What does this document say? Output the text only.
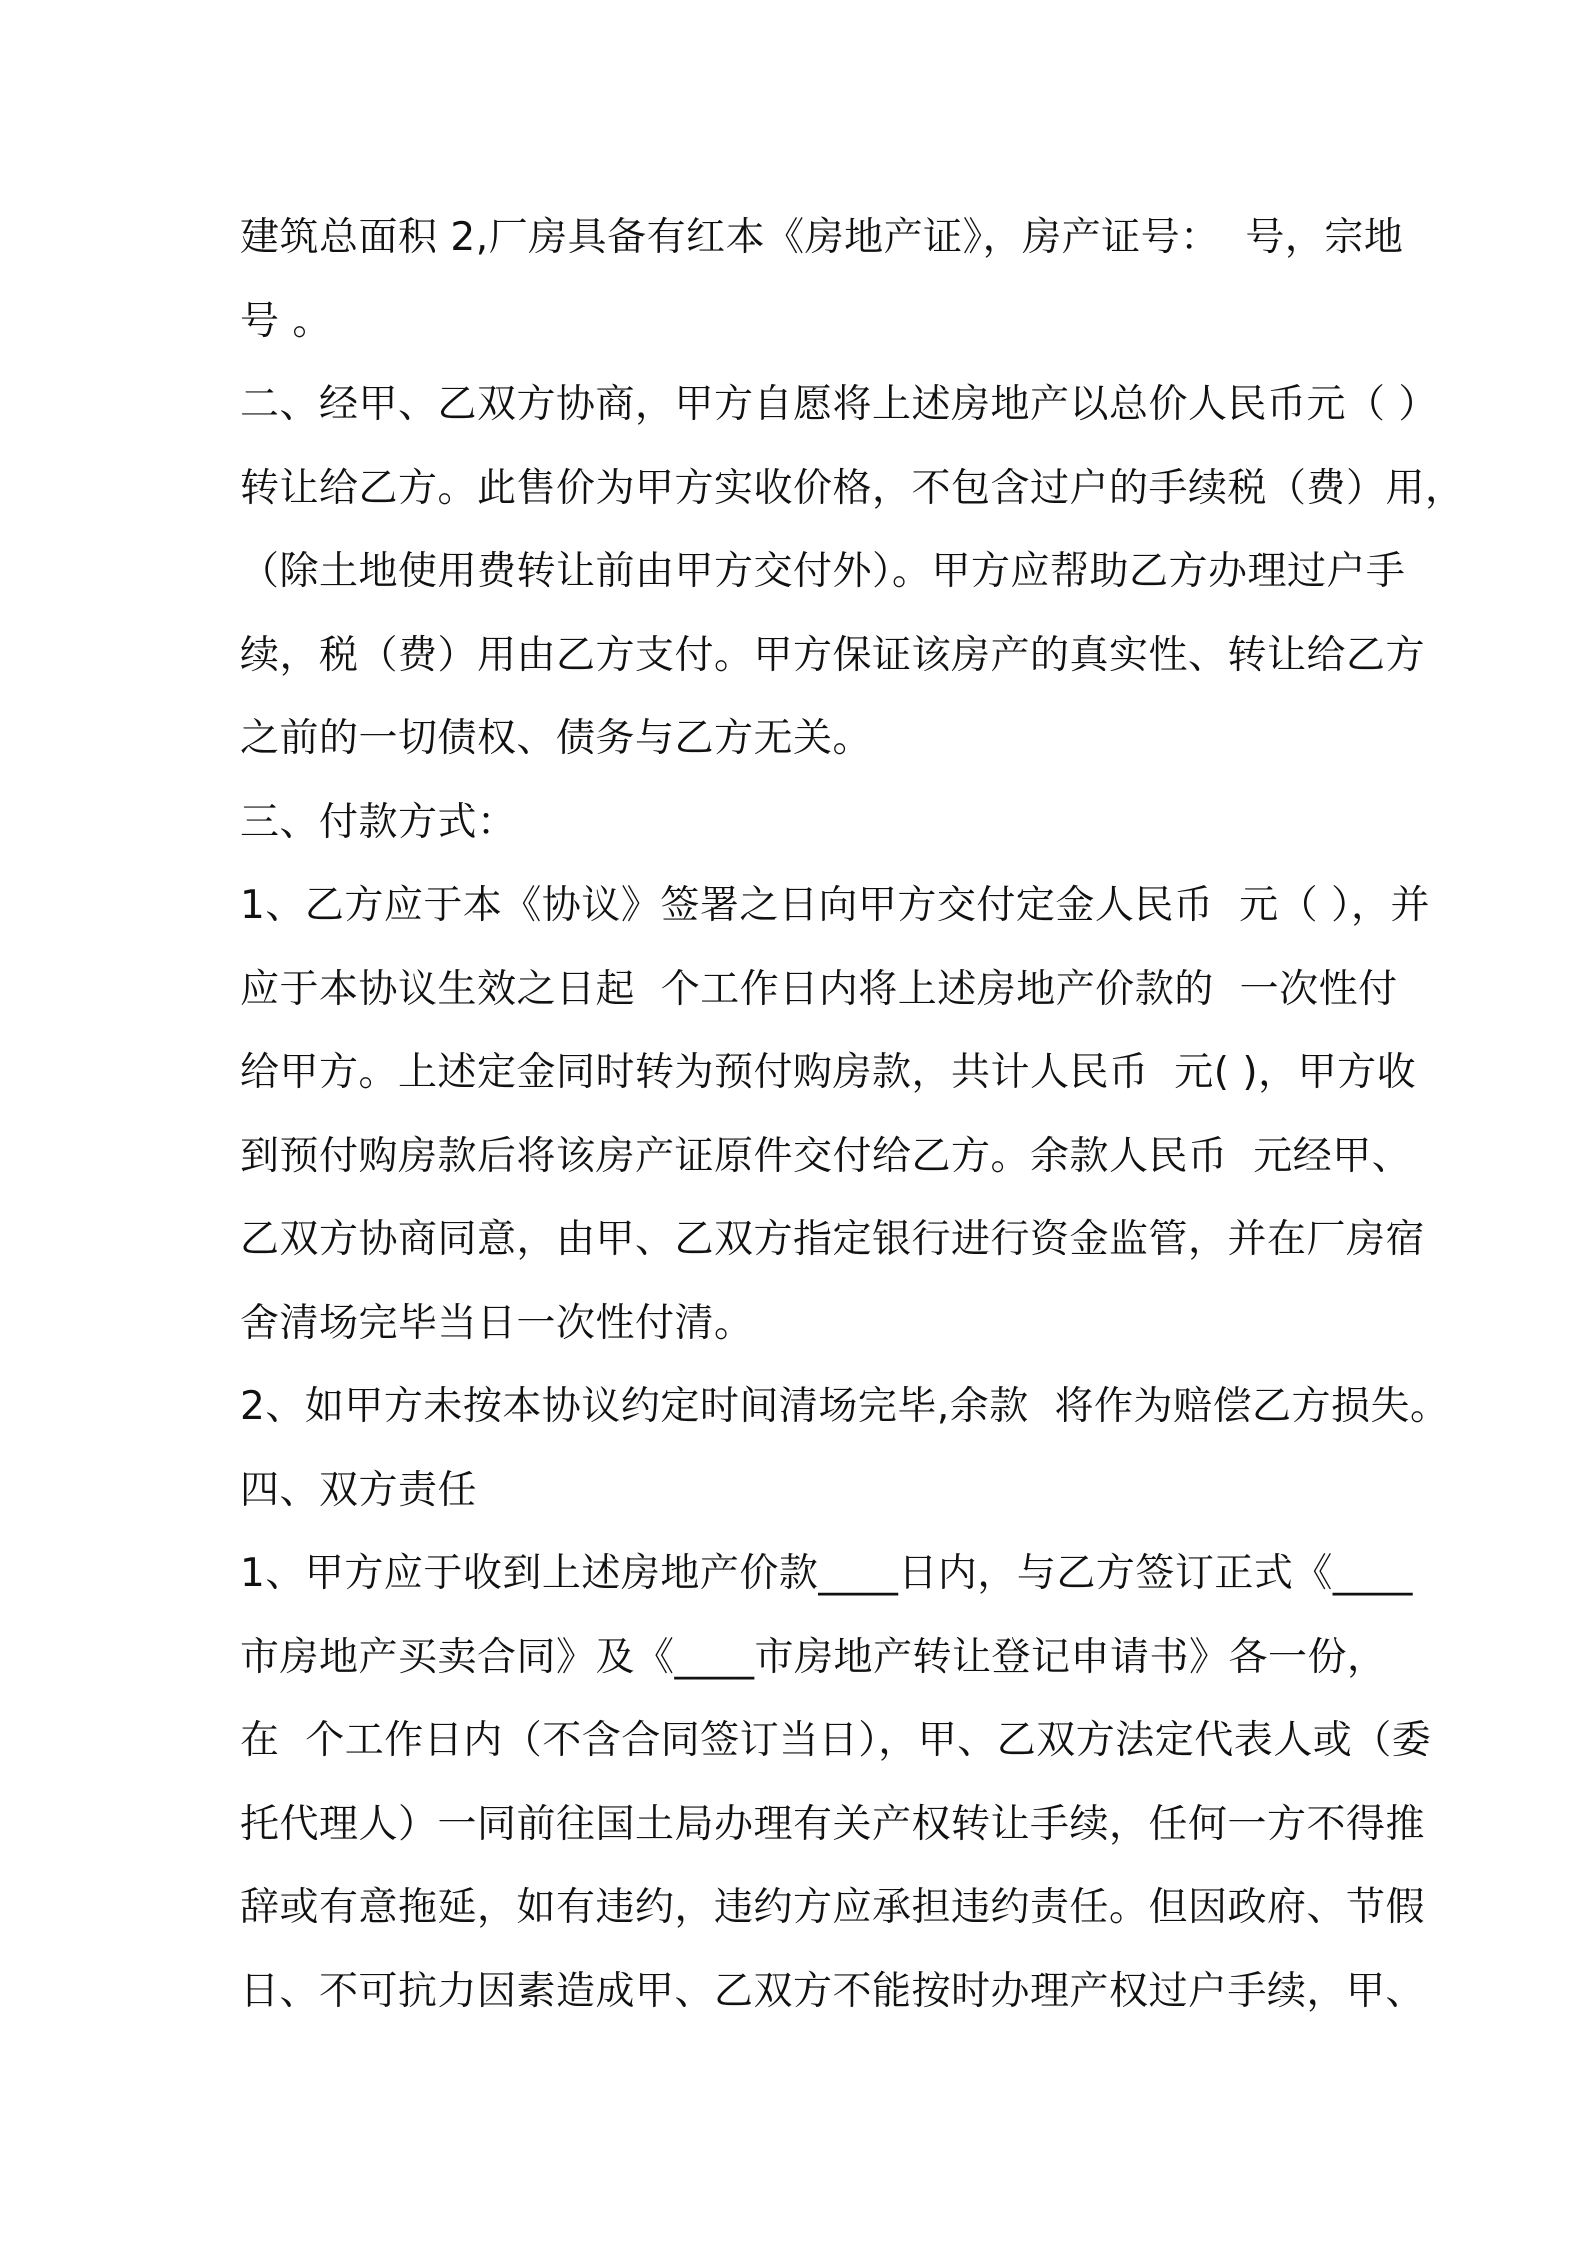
建筑总面积 2,厂房具备有红本《房地产证》，房产证号：  号，宗地
号 。
二、经甲、乙双方协商，甲方自愿将上述房地产以总价人民币元（ ）
转让给乙方。此售价为甲方实收价格，不包含过户的手续税（费）用，
（除土地使用费转让前由甲方交付外）。甲方应帮助乙方办理过户手
续，税（费）用由乙方支付。甲方保证该房产的真实性、转让给乙方
之前的一切债权、债务与乙方无关。
三、付款方式：
1、乙方应于本《协议》签署之日向甲方交付定金人民币  元（ ），并
应于本协议生效之日起  个工作日内将上述房地产价款的  一次性付
给甲方。上述定金同时转为预付购房款，共计人民币  元( )，甲方收
到预付购房款后将该房产证原件交付给乙方。余款人民币  元经甲、
乙双方协商同意，由甲、乙双方指定银行进行资金监管，并在厂房宿
舍清场完毕当日一次性付清。
2、如甲方未按本协议约定时间清场完毕,余款  将作为赔偿乙方损失。
四、双方责任
1、甲方应于收到上述房地产价款____日内，与乙方签订正式《____
市房地产买卖合同》及《____市房地产转让登记申请书》各一份，
在  个工作日内（不含合同签订当日），甲、乙双方法定代表人或（委
托代理人）一同前往国土局办理有关产权转让手续，任何一方不得推
辞或有意拖延，如有违约，违约方应承担违约责任。但因政府、节假
日、不可抗力因素造成甲、乙双方不能按时办理产权过户手续，甲、
